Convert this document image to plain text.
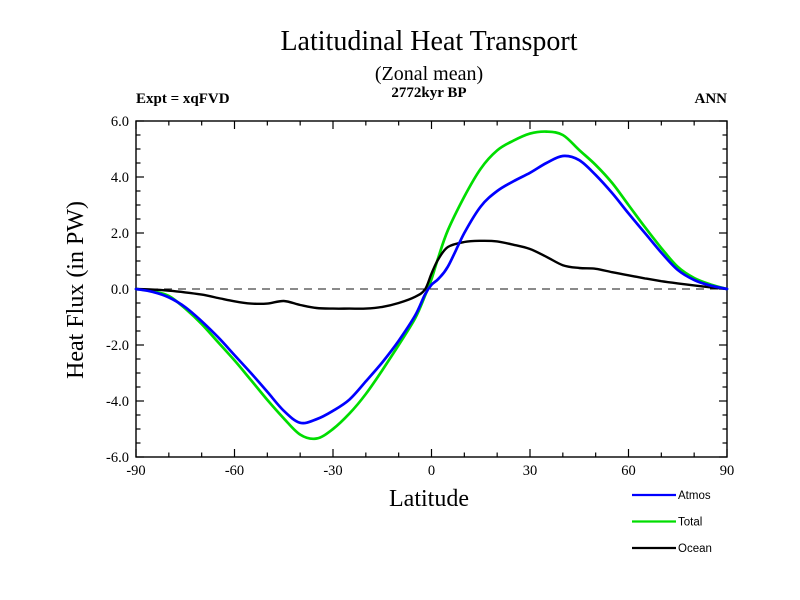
Latitudinal Heat Transport
(Zonal mean)
2772kyr BP
Expt = xqFVD	ANN
Latitude
Heat Flux (in PW)
-90	-60	-30	0	30	60	90
-6.0
-4.0
-2.0
0.0
2.0
4.0
6.0
Atmos
Total
Ocean
